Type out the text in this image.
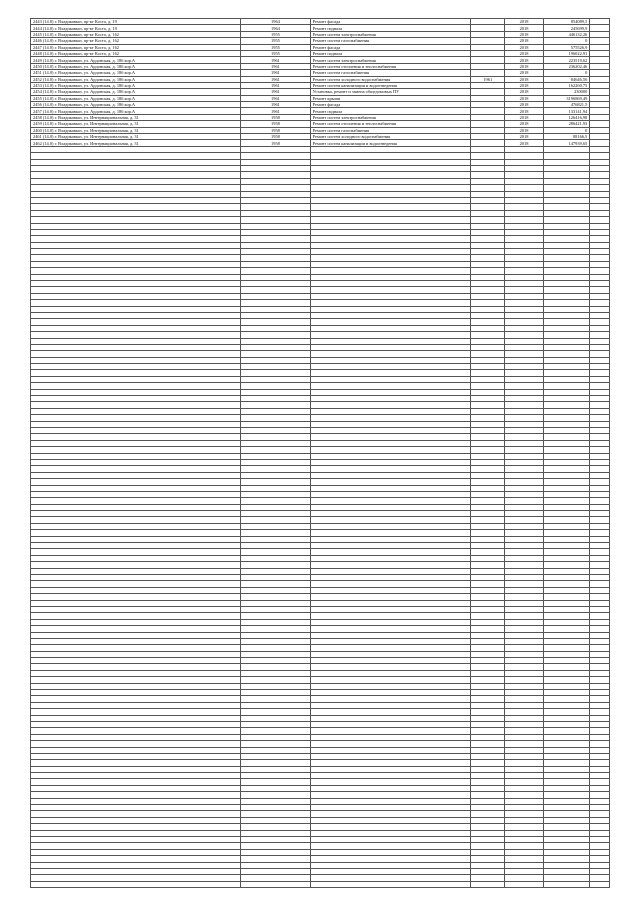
2443 (14.0) г. Владикавказ, пр-кт Коста, д. 19	1964	Ремонт фасада		2018	854089,5	
2444 (14.0) г. Владикавказ, пр-кт Коста, д. 19	1964	Ремонт подвала		2018	245699,9	
2445 (14.0) г. Владикавказ, пр-кт Коста, д. 162	1955	Ремонт систем электроснабжения		2018	446132,26	
2446 (14.0) г. Владикавказ, пр-кт Коста, д. 162	1955	Ремонт систем газоснабжения		2018	0	
2447 (14.0) г. Владикавказ, пр-кт Коста, д. 162	1955	Ремонт фасада		2018	575526,9	
2448 (14.0) г. Владикавказ, пр-кт Коста, д. 162	1955	Ремонт подвала		2018	196022,91	
2449 (14.0) г. Владикавказ, ул. Ардонская, д. 186 кор.А	1961	Ремонт систем электроснабжения		2018	223519,62	
2450 (14.0) г. Владикавказ, ул. Ардонская, д. 186 кор.А	1961	Ремонт систем отопления и теплоснабжения		2018	236202,46	
2451 (14.0) г. Владикавказ, ул. Ардонская, д. 186 кор.А	1961	Ремонт систем газоснабжения		2018	0	
2452 (14.0) г. Владикавказ, ул. Ардонская, д. 186 кор.А	1961	Ремонт систем холодного водоснабжения	1961	2018	84646,56	
2453 (14.0) г. Владикавказ, ул. Ардонская, д. 186 кор.А	1961	Ремонт систем канализации и водоотведения		2018	162260,75	
2454 (14.0) г. Владикавказ, ул. Ардонская, д. 186 кор.А	1961	Установка, ремонт и замена общедомовых ПУ		2018	230000	
2455 (14.0) г. Владикавказ, ул. Ардонская, д. 186 кор.А	1961	Ремонт крыши		2018	3196869,49	
2456 (14.0) г. Владикавказ, ул. Ардонская, д. 186 кор.А	1961	Ремонт фасада		2018	476821,5	
2457 (14.0) г. Владикавказ, ул. Ардонская, д. 186 кор.А	1961	Ремонт подвала		2018	133141,94	
2458 (14.0) г. Владикавказ, ул. Интернациональная, д. 31	1958	Ремонт систем электроснабжения		2018	126416,98	
2459 (14.0) г. Владикавказ, ул. Интернациональная, д. 31	1958	Ремонт систем отопления и теплоснабжения		2018	286421,93	
2460 (14.0) г. Владикавказ, ул. Интернациональная, д. 31	1958	Ремонт систем газоснабжения		2018	0	
2461 (14.0) г. Владикавказ, ул. Интернациональная, д. 31	1958	Ремонт систем холодного водоснабжения		2018	88166,5	
2462 (14.0) г. Владикавказ, ул. Интернациональная, д. 31	1958	Ремонт систем канализации и водоотведения		2018	147939,65	
